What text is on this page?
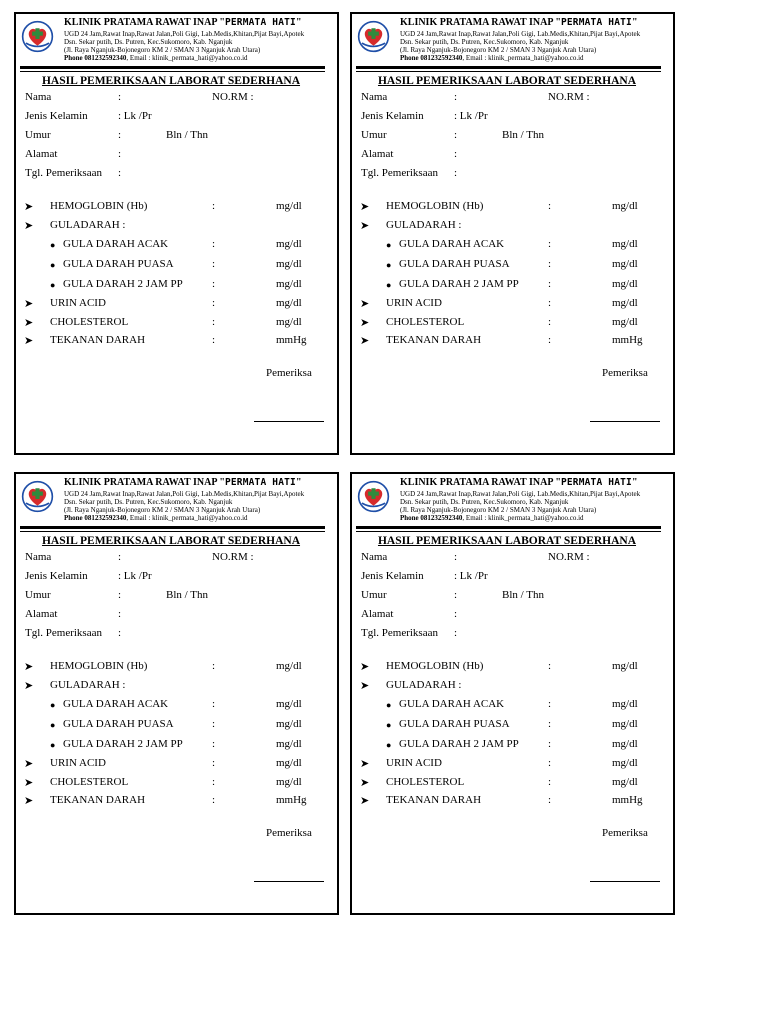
KLINIK PRATAMA RAWAT INAP "PERMATA HATI"
UGD 24 Jam,Rawat Inap,Rawat Jalan,Poli Gigi, Lab.Medis,Khitan,Pijat Bayi,Apotek
Dsn. Sekar putih, Ds. Putren, Kec.Sukomoro, Kab. Nganjuk
(Jl. Raya Nganjuk-Bojonegoro KM 2 / SMAN 3 Nganjuk Arah Utara)
Phone 081232592340, Email : klinik_permata_hati@yahoo.co.id
HASIL PEMERIKSAAN LABORAT SEDERHANA
Nama	:	NO.RM :
Jenis Kelamin	: Lk /Pr
Umur	:	Bln / Thn
Alamat	:
Tgl. Pemeriksaan :
➤ HEMOGLOBIN (Hb)	:	mg/dl
➤ GULADARAH :
● GULA DARAH ACAK	:	mg/dl
● GULA DARAH PUASA	:	mg/dl
● GULA DARAH 2 JAM PP	:	mg/dl
➤ URIN ACID	:	mg/dl
➤ CHOLESTEROL	:	mg/dl
➤ TEKANAN DARAH	:	mmHg
Pemeriksa
KLINIK PRATAMA RAWAT INAP "PERMATA HATI"
UGD 24 Jam,Rawat Inap,Rawat Jalan,Poli Gigi, Lab.Medis,Khitan,Pijat Bayi,Apotek
Dsn. Sekar putih, Ds. Putren, Kec.Sukomoro, Kab. Nganjuk
(Jl. Raya Nganjuk-Bojonegoro KM 2 / SMAN 3 Nganjuk Arah Utara)
Phone 081232592340, Email : klinik_permata_hati@yahoo.co.id
HASIL PEMERIKSAAN LABORAT SEDERHANA
Nama	:	NO.RM :
Jenis Kelamin	: Lk /Pr
Umur	:	Bln / Thn
Alamat	:
Tgl. Pemeriksaan :
➤ HEMOGLOBIN (Hb)	:	mg/dl
➤ GULADARAH :
● GULA DARAH ACAK	:	mg/dl
● GULA DARAH PUASA	:	mg/dl
● GULA DARAH 2 JAM PP	:	mg/dl
➤ URIN ACID	:	mg/dl
➤ CHOLESTEROL	:	mg/dl
➤ TEKANAN DARAH	:	mmHg
Pemeriksa
KLINIK PRATAMA RAWAT INAP "PERMATA HATI"
UGD 24 Jam,Rawat Inap,Rawat Jalan,Poli Gigi, Lab.Medis,Khitan,Pijat Bayi,Apotek
Dsn. Sekar putih, Ds. Putren, Kec.Sukomoro, Kab. Nganjuk
(Jl. Raya Nganjuk-Bojonegoro KM 2 / SMAN 3 Nganjuk Arah Utara)
Phone 081232592340, Email : klinik_permata_hati@yahoo.co.id
HASIL PEMERIKSAAN LABORAT SEDERHANA
Nama	:	NO.RM :
Jenis Kelamin	: Lk /Pr
Umur	:	Bln / Thn
Alamat	:
Tgl. Pemeriksaan :
➤ HEMOGLOBIN (Hb)	:	mg/dl
➤ GULADARAH :
● GULA DARAH ACAK	:	mg/dl
● GULA DARAH PUASA	:	mg/dl
● GULA DARAH 2 JAM PP	:	mg/dl
➤ URIN ACID	:	mg/dl
➤ CHOLESTEROL	:	mg/dl
➤ TEKANAN DARAH	:	mmHg
Pemeriksa
KLINIK PRATAMA RAWAT INAP "PERMATA HATI"
UGD 24 Jam,Rawat Inap,Rawat Jalan,Poli Gigi, Lab.Medis,Khitan,Pijat Bayi,Apotek
Dsn. Sekar putih, Ds. Putren, Kec.Sukomoro, Kab. Nganjuk
(Jl. Raya Nganjuk-Bojonegoro KM 2 / SMAN 3 Nganjuk Arah Utara)
Phone 081232592340, Email : klinik_permata_hati@yahoo.co.id
HASIL PEMERIKSAAN LABORAT SEDERHANA
Nama	:	NO.RM :
Jenis Kelamin	: Lk /Pr
Umur	:	Bln / Thn
Alamat	:
Tgl. Pemeriksaan :
➤ HEMOGLOBIN (Hb)	:	mg/dl
➤ GULADARAH :
● GULA DARAH ACAK	:	mg/dl
● GULA DARAH PUASA	:	mg/dl
● GULA DARAH 2 JAM PP	:	mg/dl
➤ URIN ACID	:	mg/dl
➤ CHOLESTEROL	:	mg/dl
➤ TEKANAN DARAH	:	mmHg
Pemeriksa
